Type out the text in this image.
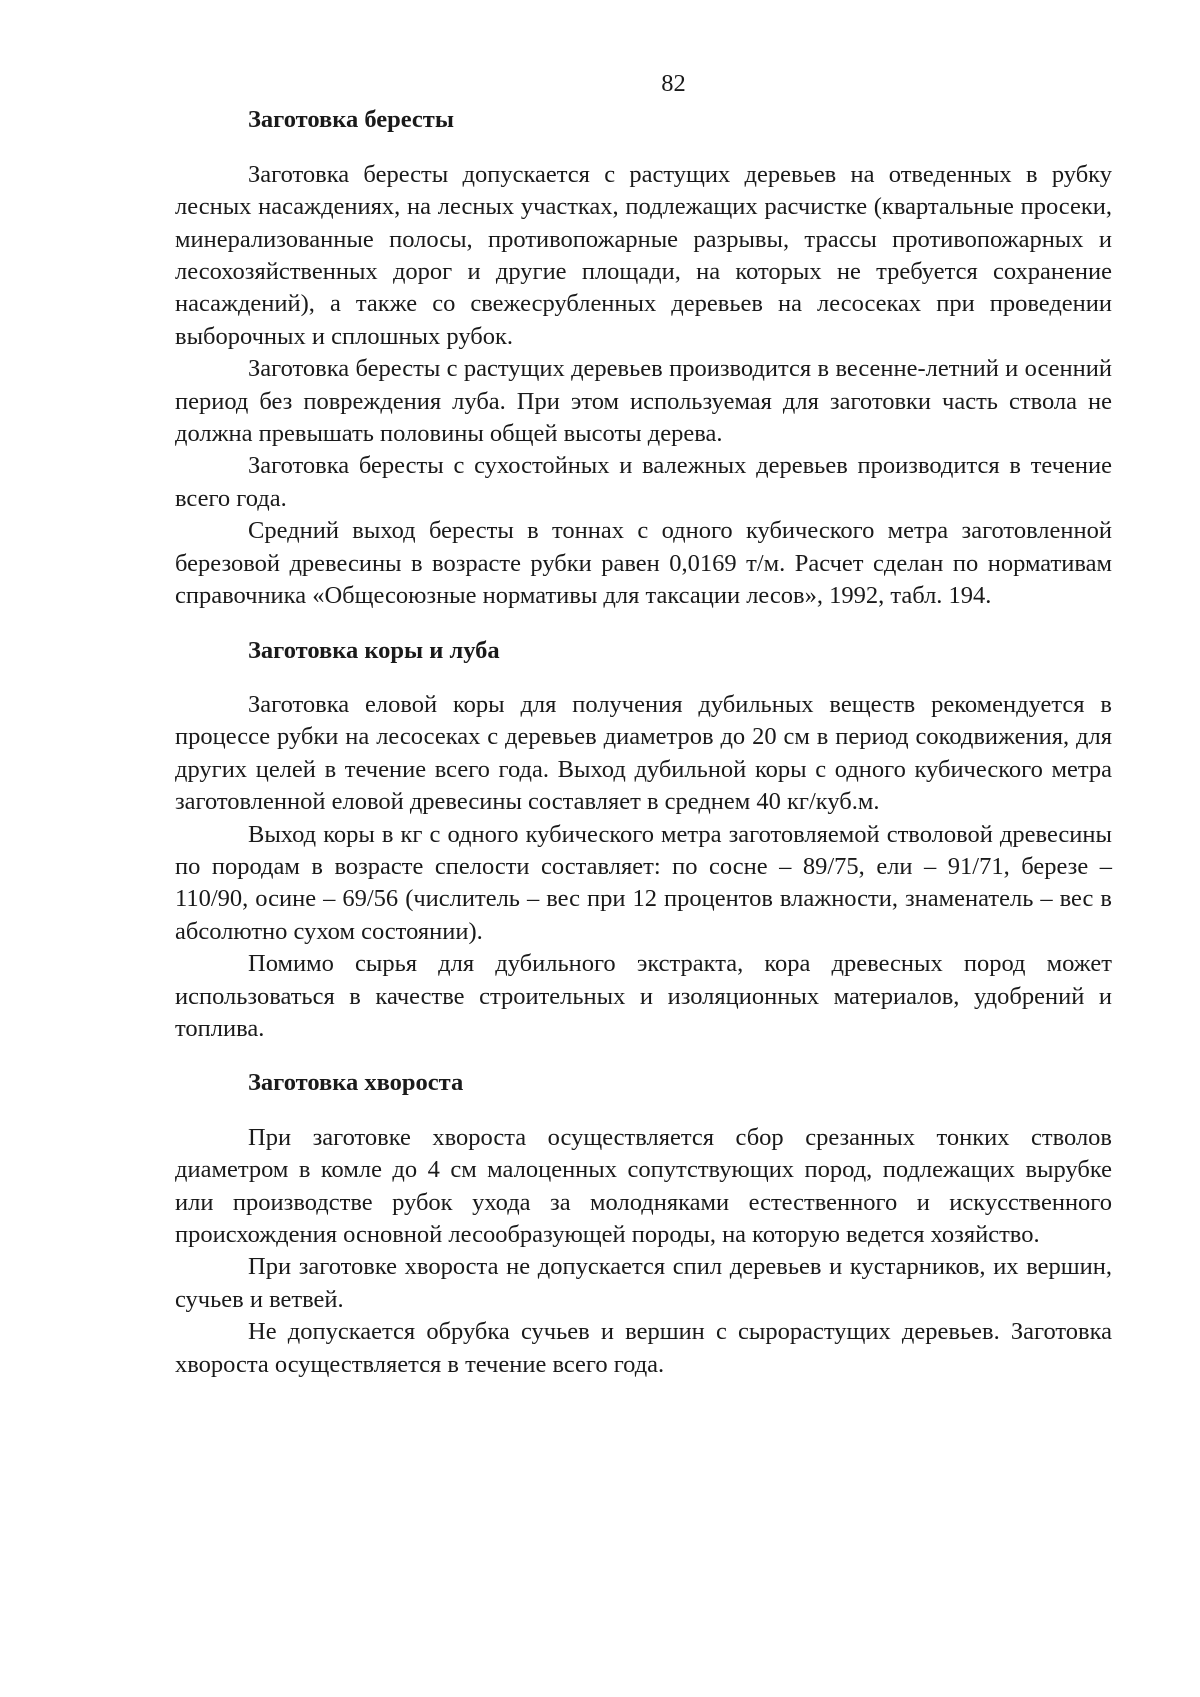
82
Заготовка бересты

Заготовка бересты допускается с растущих деревьев на отведенных в рубку лесных насаждениях, на лесных участках, подлежащих расчистке (квартальные просеки, минерализованные полосы, противопожарные разрывы, трассы противопожарных и лесохозяйственных дорог и другие площади, на которых не требуется сохранение насаждений), а также со свежесрубленных деревьев на лесосеках при проведении выборочных и сплошных рубок.

Заготовка бересты с растущих деревьев производится в весенне-летний и осенний период без повреждения луба. При этом используемая для заготовки часть ствола не должна превышать половины общей высоты дерева.

Заготовка бересты с сухостойных и валежных деревьев производится в течение всего года.

Средний выход бересты в тоннах с одного кубического метра заготовленной березовой древесины в возрасте рубки равен 0,0169 т/м. Расчет сделан по нормативам справочника «Общесоюзные нормативы для таксации лесов», 1992, табл. 194.

Заготовка коры и луба

Заготовка еловой коры для получения дубильных веществ рекомендуется в процессе рубки на лесосеках с деревьев диаметров до 20 см в период сокодвижения, для других целей в течение всего года. Выход дубильной коры с одного кубического метра заготовленной еловой древесины составляет в среднем 40 кг/куб.м.

Выход коры в кг с одного кубического метра заготовляемой стволовой древесины по породам в возрасте спелости составляет: по сосне – 89/75, ели – 91/71, березе – 110/90, осине – 69/56 (числитель – вес при 12 процентов влажности, знаменатель – вес в абсолютно сухом состоянии).

Помимо сырья для дубильного экстракта, кора древесных пород может использоваться в качестве строительных и изоляционных материалов, удобрений и топлива.

Заготовка хвороста

При заготовке хвороста осуществляется сбор срезанных тонких стволов диаметром в комле до 4 см малоценных сопутствующих пород, подлежащих вырубке или производстве рубок ухода за молодняками естественного и искусственного происхождения основной лесообразующей породы, на которую ведется хозяйство.

При заготовке хвороста не допускается спил деревьев и кустарников, их вершин, сучьев и ветвей.

Не допускается обрубка сучьев и вершин с сырорастущих деревьев. Заготовка хвороста осуществляется в течение всего года.
